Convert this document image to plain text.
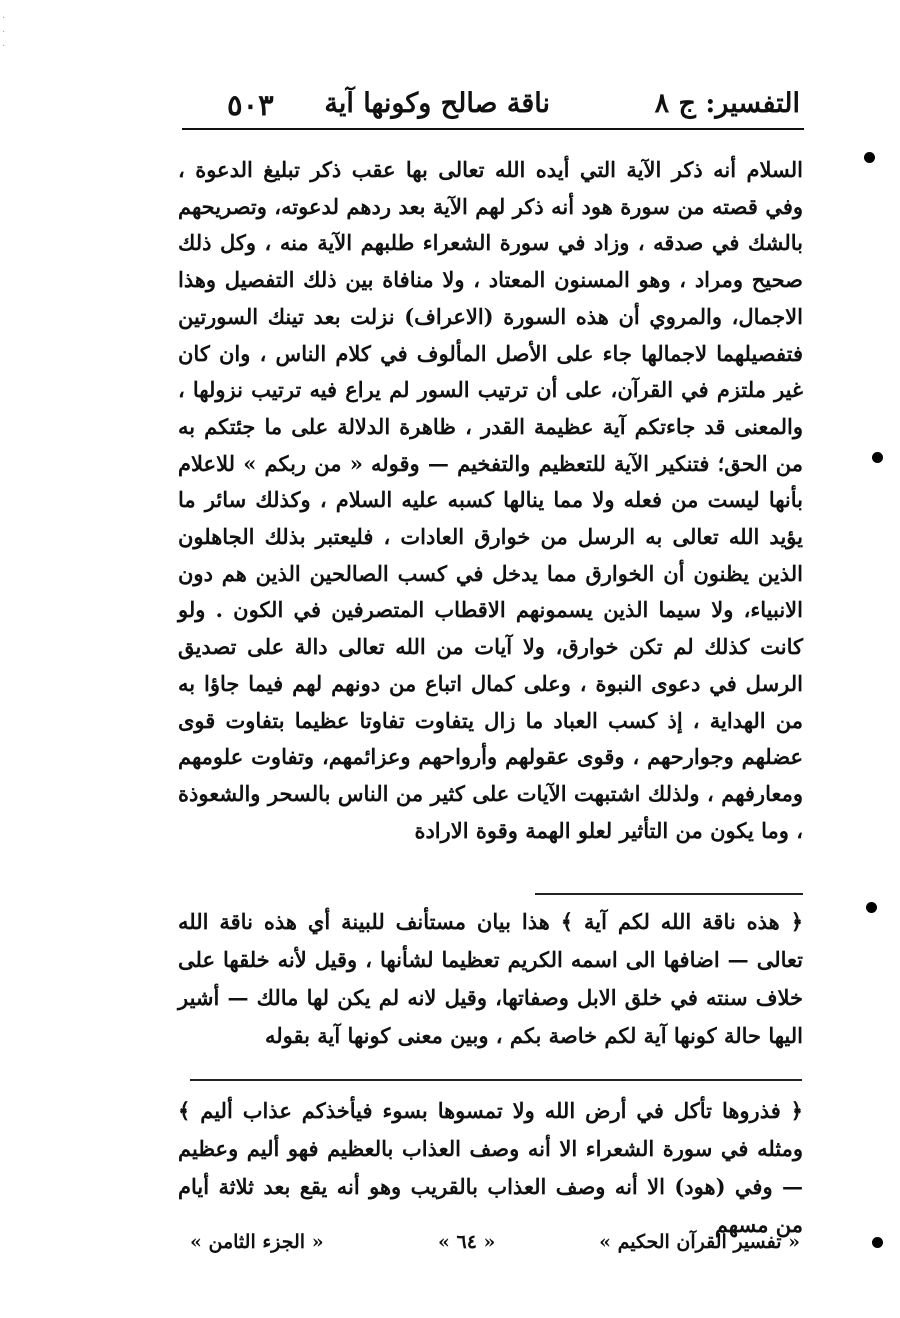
·
·
·
التفسير: ج ٨
ناقة صالح وكونها آية
٥٠٣
السلام أنه ذكر الآية التي أيده الله تعالى بها عقب ذكر تبليغ الدعوة ، وفي قصته من سورة هود أنه ذكر لهم الآية بعد ردهم لدعوته، وتصريحهم بالشك في صدقه ، وزاد في سورة الشعراء طلبهم الآية منه ، وكل ذلك صحيح ومراد ، وهو المسنون المعتاد ، ولا منافاة بين ذلك التفصيل وهذا الاجمال، والمروي أن هذه السورة (الاعراف) نزلت بعد تينك السورتين فتفصيلهما لاجمالها جاء على الأصل المألوف في كلام الناس ، وان كان غير ملتزم في القرآن، على أن ترتيب السور لم يراع فيه ترتيب نزولها ، والمعنى قد جاءتكم آية عظيمة القدر ، ظاهرة الدلالة على ما جئتكم به من الحق؛ فتنكير الآية للتعظيم والتفخيم — وقوله « من ربكم » للاعلام بأنها ليست من فعله ولا مما ينالها كسبه عليه السلام ، وكذلك سائر ما يؤيد الله تعالى به الرسل من خوارق العادات ، فليعتبر بذلك الجاهلون الذين يظنون أن الخوارق مما يدخل في كسب الصالحين الذين هم دون الانبياء، ولا سيما الذين يسمونهم الاقطاب المتصرفين في الكون . ولو كانت كذلك لم تكن خوارق، ولا آيات من الله تعالى دالة على تصديق الرسل في دعوى النبوة ، وعلى كمال اتباع من دونهم لهم فيما جاؤا به من الهداية ، إذ كسب العباد ما زال يتفاوت تفاوتا عظيما بتفاوت قوى عضلهم وجوارحهم ، وقوى عقولهم وأرواحهم وعزائمهم، وتفاوت علومهم ومعارفهم ، ولذلك اشتبهت الآيات على كثير من الناس بالسحر والشعوذة ، وما يكون من التأثير لعلو الهمة وقوة الارادة
﴿ هذه ناقة الله لكم آية ﴾ هذا بيان مستأنف للبينة أي هذه ناقة الله تعالى — اضافها الى اسمه الكريم تعظيما لشأنها ، وقيل لأنه خلقها على خلاف سنته في خلق الابل وصفاتها، وقيل لانه لم يكن لها مالك — أشير اليها حالة كونها آية لكم خاصة بكم ، وبين معنى كونها آية بقوله
﴿ فذروها تأكل في أرض الله ولا تمسوها بسوء فيأخذكم عذاب أليم ﴾ ومثله في سورة الشعراء الا أنه وصف العذاب بالعظيم فهو أليم وعظيم — وفي (هود) الا أنه وصف العذاب بالقريب وهو أنه يقع بعد ثلاثة أيام من مسهم
« تفسير القرآن الحكيم »
« ٦٤ »
« الجزء الثامن »
